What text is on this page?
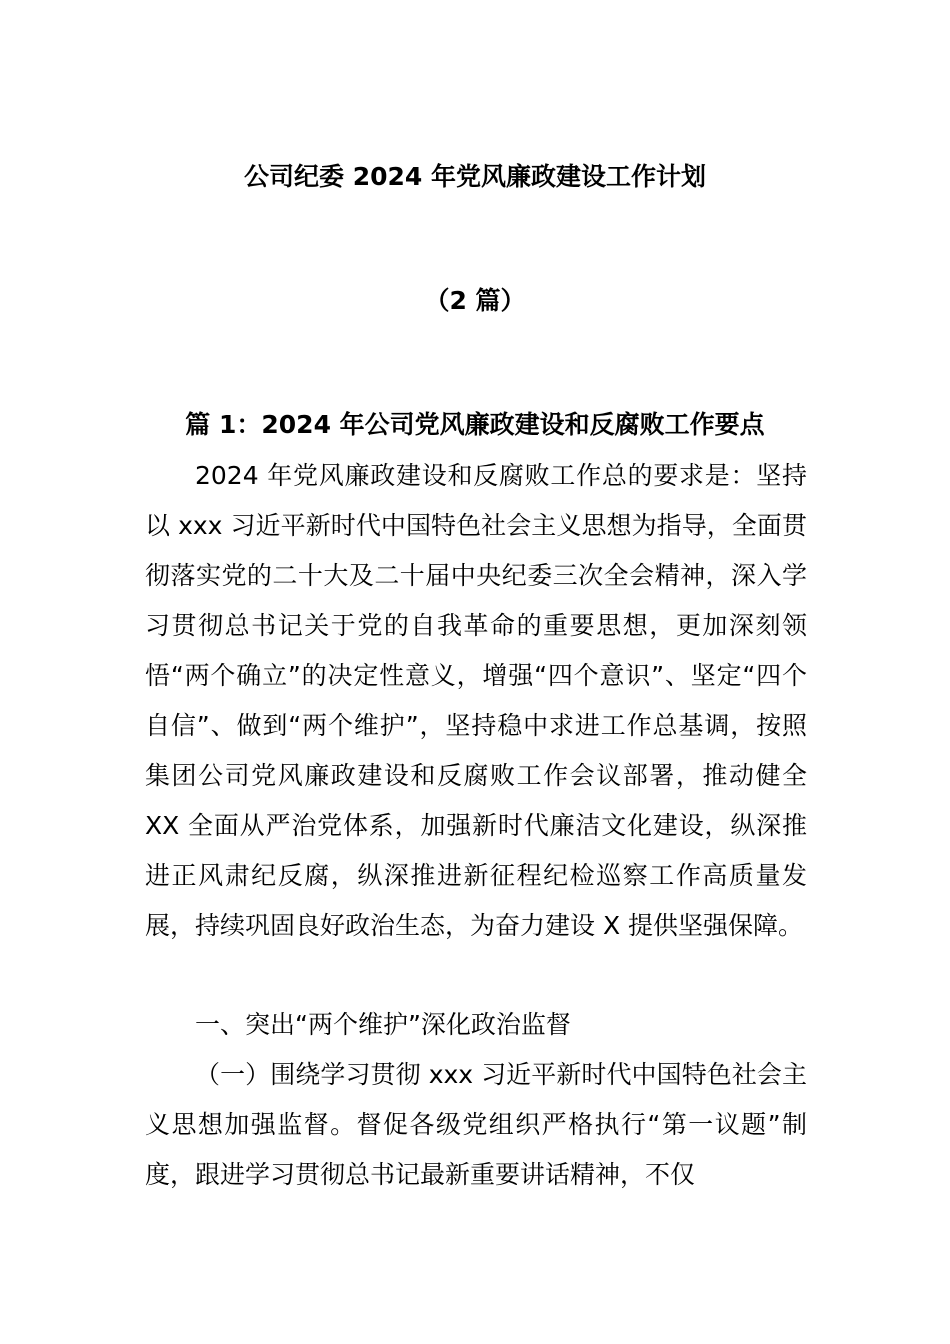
公司纪委 2024 年党风廉政建设工作计划
（2 篇）
篇 1：2024 年公司党风廉政建设和反腐败工作要点

2024 年党风廉政建设和反腐败工作总的要求是：坚持以 xxx 习近平新时代中国特色社会主义思想为指导，全面贯彻落实党的二十大及二十届中央纪委三次全会精神，深入学习贯彻总书记关于党的自我革命的重要思想，更加深刻领悟“两个确立”的决定性意义，增强“四个意识”、坚定“四个自信”、做到“两个维护”，坚持稳中求进工作总基调，按照集团公司党风廉政建设和反腐败工作会议部署，推动健全 XX 全面从严治党体系，加强新时代廉洁文化建设，纵深推进正风肃纪反腐，纵深推进新征程纪检巡察工作高质量发展，持续巩固良好政治生态，为奋力建设 X 提供坚强保障。

一、突出“两个维护”深化政治监督

（一）围绕学习贯彻 xxx 习近平新时代中国特色社会主义思想加强监督。督促各级党组织严格执行“第一议题”制度，跟进学习贯彻总书记最新重要讲话精神，不仅
